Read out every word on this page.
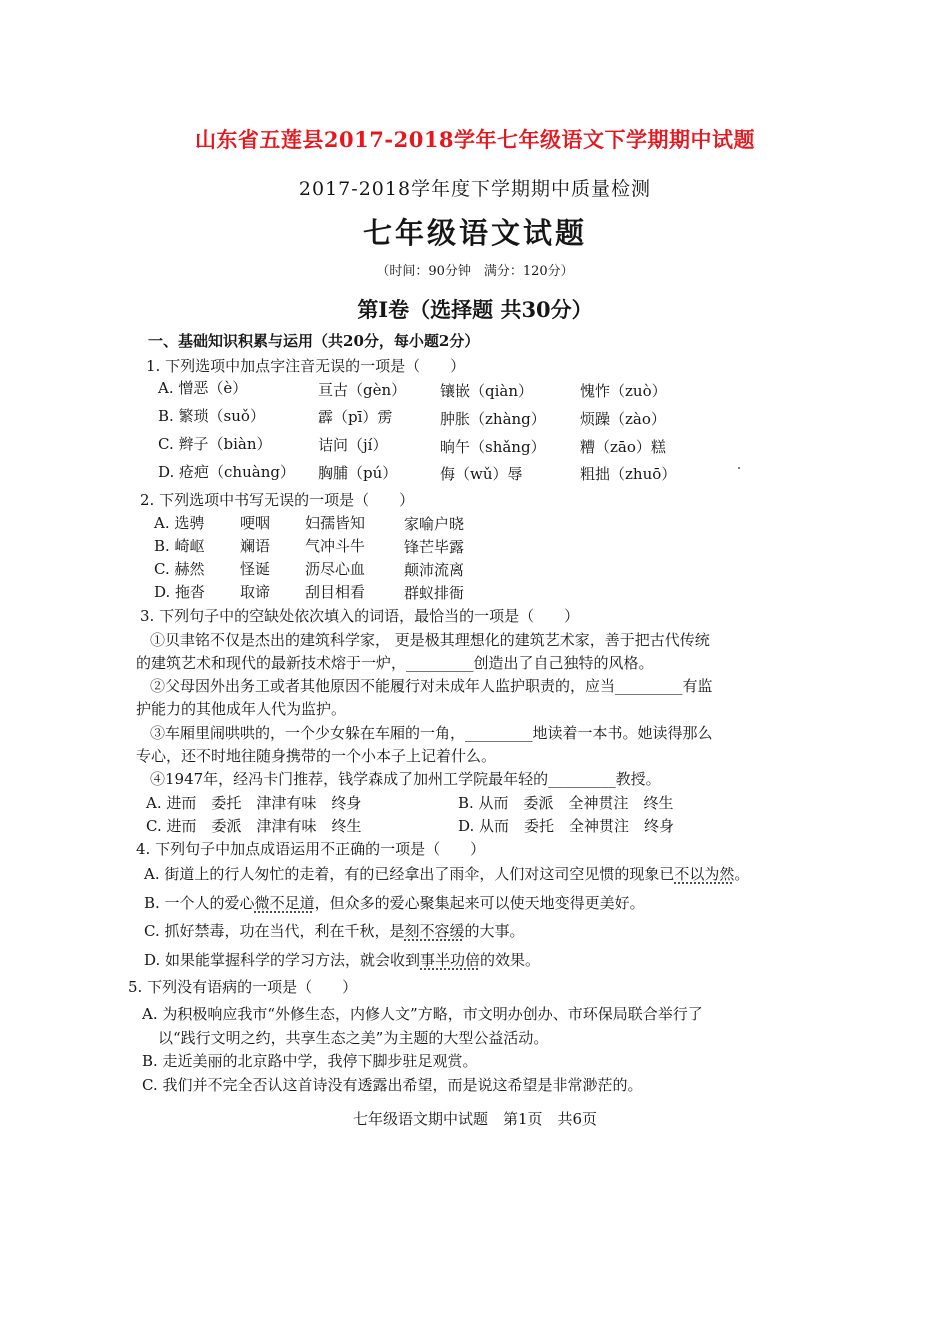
山东省五莲县2017-2018学年七年级语文下学期期中试题
2017-2018学年度下学期期中质量检测
七年级语文试题
（时间：90分钟　满分：120分）
第Ⅰ卷（选择题 共30分）
一、基础知识积累与运用（共20分，每小题2分）
1. 下列选项中加点字注音无误的一项是（　　）
A. 憎恶（è）	亘古（gèn） 镶嵌（qiàn）	愧怍（zuò）
B. 繁琐（suǒ）	霹（pī）雳	肿胀（zhàng） 烦躁（zào）
C. 辫子（biàn）	诘问（jí）	晌午（shǎng） 糟（zāo）糕
D. 疮疤（chuàng） 胸脯（pú）	侮（wǔ）辱	粗拙（zhuō）
2. 下列选项中书写无误的一项是（　　）
A. 选骋 哽咽 妇孺皆知	家喻户晓
B. 崎岖 斓语 气冲斗牛	锋芒毕露
C. 赫然 怪诞 沥尽心血	颠沛流离
D. 拖沓 取谛 刮目相看	群蚁排衙
3. 下列句子中的空缺处依次填入的词语，最恰当的一项是（　　）
①贝聿铭不仅是杰出的建筑科学家， 更是极其理想化的建筑艺术家，善于把古代传统
的建筑艺术和现代的最新技术熔于一炉，_________创造出了自己独特的风格。
②父母因外出务工或者其他原因不能履行对未成年人监护职责的，应当_________有监
护能力的其他成年人代为监护。
③车厢里闹哄哄的，一个少女躲在车厢的一角，_________地读着一本书。她读得那么
专心，还不时地往随身携带的一个小本子上记着什么。
④1947年，经冯卡门推荐，钱学森成了加州工学院最年轻的_________教授。
A. 进而　委托　津津有味　终身	B. 从而　委派　全神贯注　终生
C. 进而　委派　津津有味　终生	D. 从而　委托　全神贯注　终身
4. 下列句子中加点成语运用不正确的一项是（　　）
A. 街道上的行人匆忙的走着，有的已经拿出了雨伞，人们对这司空见惯的现象已不以为然。
B. 一个人的爱心微不足道，但众多的爱心聚集起来可以使天地变得更美好。
C. 抓好禁毒，功在当代，利在千秋，是刻不容缓的大事。
D. 如果能掌握科学的学习方法，就会收到事半功倍的效果。
5. 下列没有语病的一项是（　　）
A. 为积极响应我市“外修生态，内修人文”方略，市文明办创办、市环保局联合举行了
以“践行文明之约，共享生态之美”为主题的大型公益活动。
B. 走近美丽的北京路中学，我停下脚步驻足观赏。
C. 我们并不完全否认这首诗没有透露出希望，而是说这希望是非常渺茫的。
七年级语文期中试题　第1页　共6页
